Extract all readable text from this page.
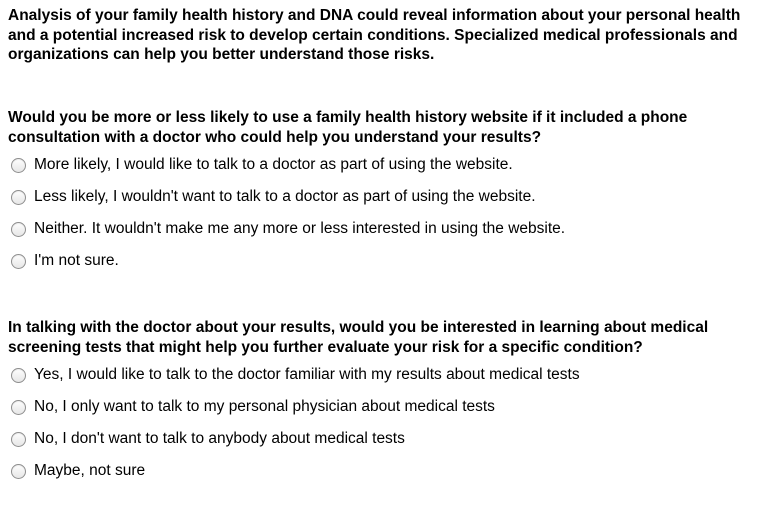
Analysis of your family health history and DNA could reveal information about your personal health and a potential increased risk to develop certain conditions. Specialized medical professionals and organizations can help you better understand those risks.

Would you be more or less likely to use a family health history website if it included a phone consultation with a doctor who could help you understand your results?

More likely, I would like to talk to a doctor as part of using the website.
Less likely, I wouldn't want to talk to a doctor as part of using the website.
Neither. It wouldn't make me any more or less interested in using the website.
I'm not sure.

In talking with the doctor about your results, would you be interested in learning about medical screening tests that might help you further evaluate your risk for a specific condition?

Yes, I would like to talk to the doctor familiar with my results about medical tests
No, I only want to talk to my personal physician about medical tests
No, I don't want to talk to anybody about medical tests
Maybe, not sure
